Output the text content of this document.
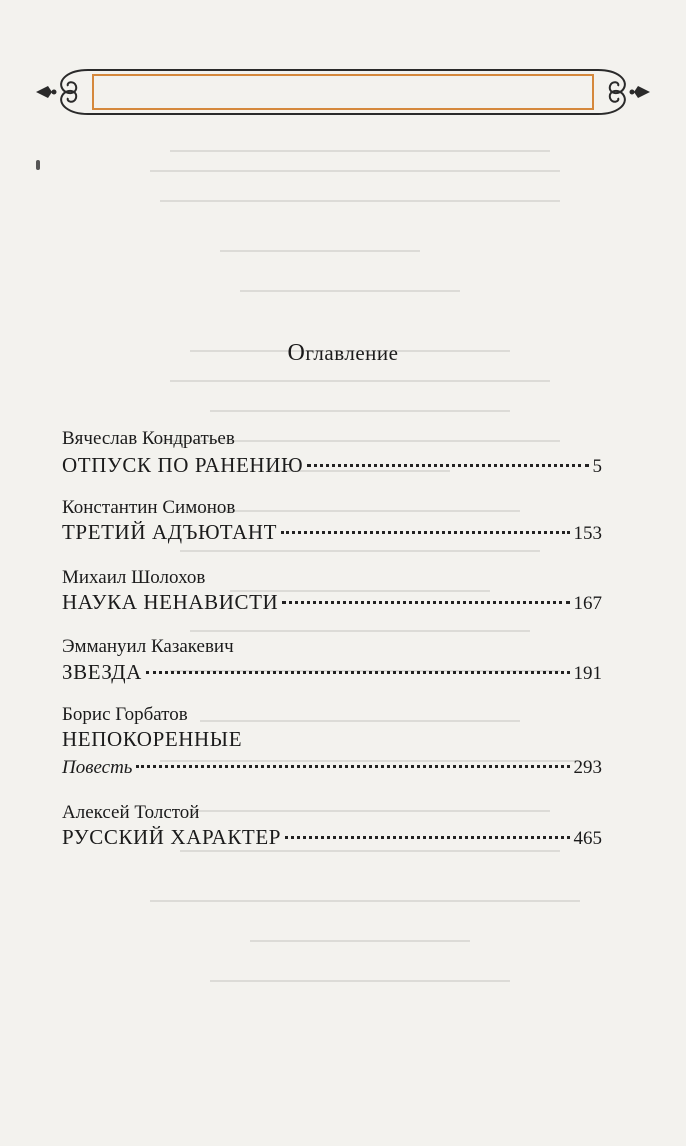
Оглавление
Вячеслав Кондратьев
ОТПУСК ПО РАНЕНИЮ	5
Константин Симонов
ТРЕТИЙ АДЪЮТАНТ	153
Михаил Шолохов
НАУКА НЕНАВИСТИ	167
Эммануил Казакевич
ЗВЕЗДА	191
Борис Горбатов
НЕПОКОРЕННЫЕ
Повесть	293
Алексей Толстой
РУССКИЙ ХАРАКТЕР	465
